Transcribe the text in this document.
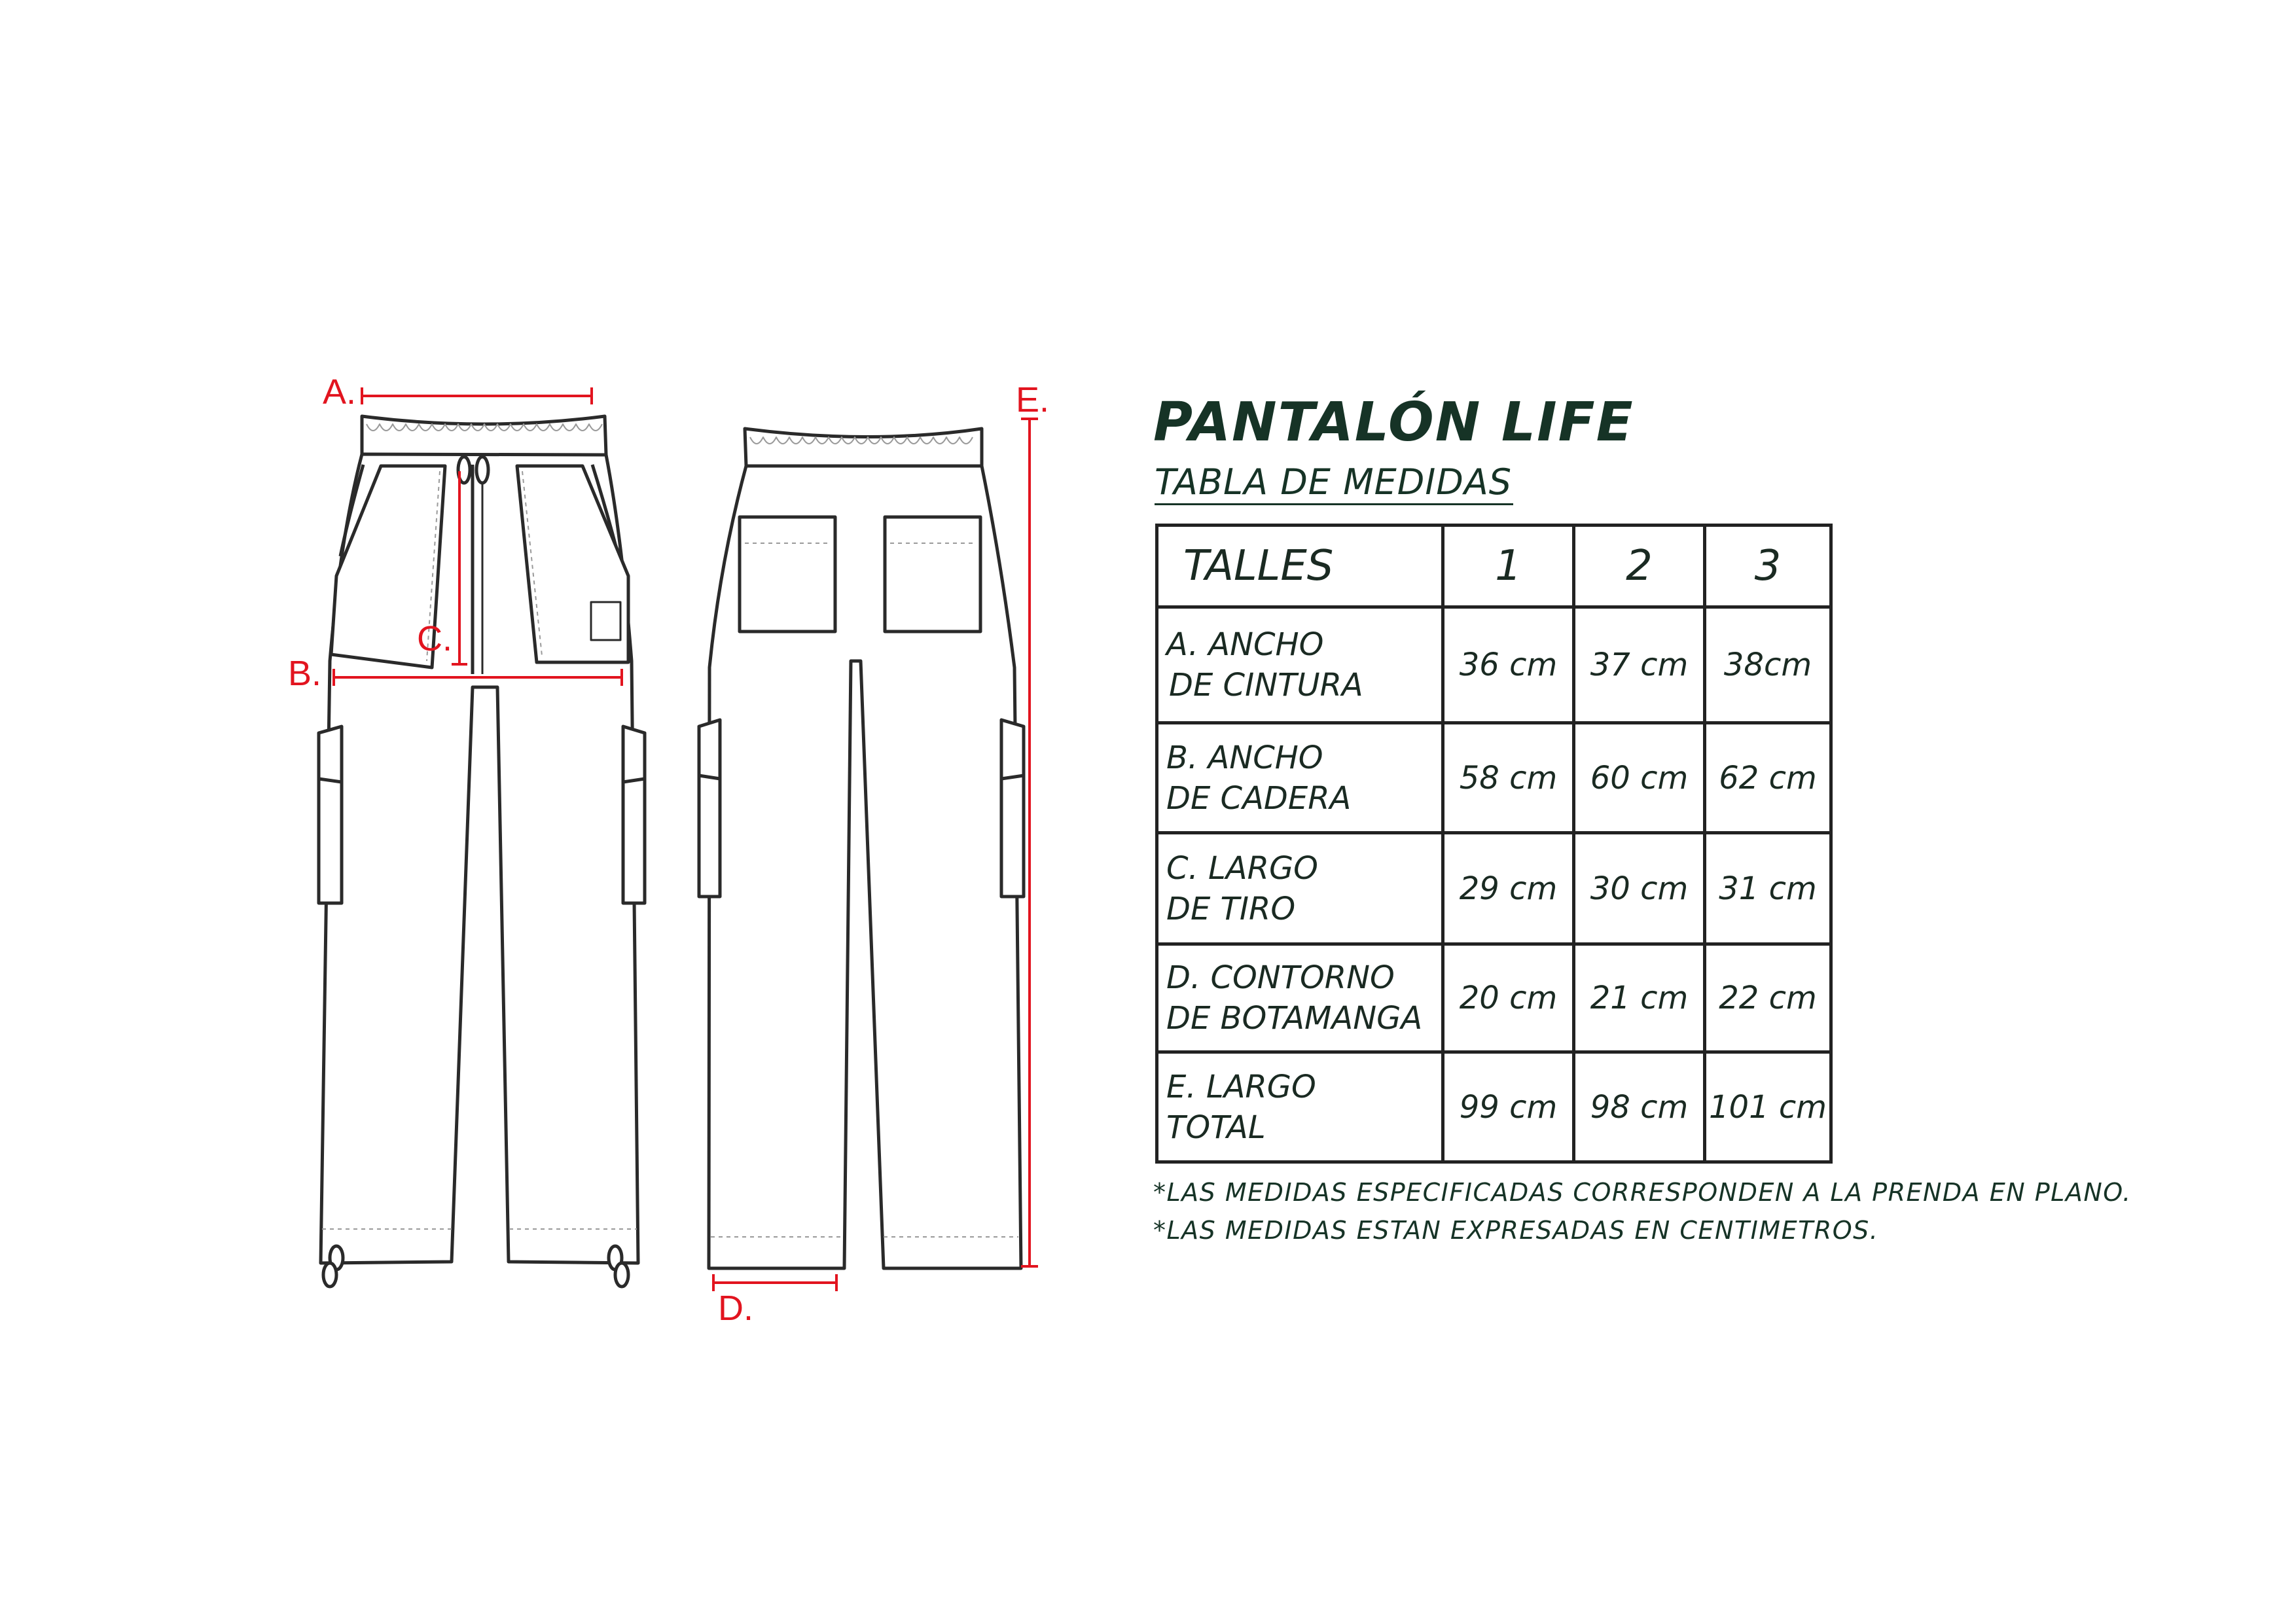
A.
B.
C.
D.
E. PANTALÓN LIFE
TABLA DE MEDIDAS
TALLES	1	2	3
A. ANCHO
DE CINTURA	36 cm	37 cm	38cm
B. ANCHO
DE CADERA	58 cm	60 cm	62 cm
C. LARGO
DE TIRO	29 cm	30 cm	31 cm
D. CONTORNO
DE BOTAMANGA	20 cm	21 cm	22 cm
E. LARGO
TOTAL	99 cm	98 cm	101 cm

*LAS MEDIDAS ESPECIFICADAS CORRESPONDEN A LA PRENDA EN PLANO.

*LAS MEDIDAS ESTAN EXPRESADAS EN CENTIMETROS.
